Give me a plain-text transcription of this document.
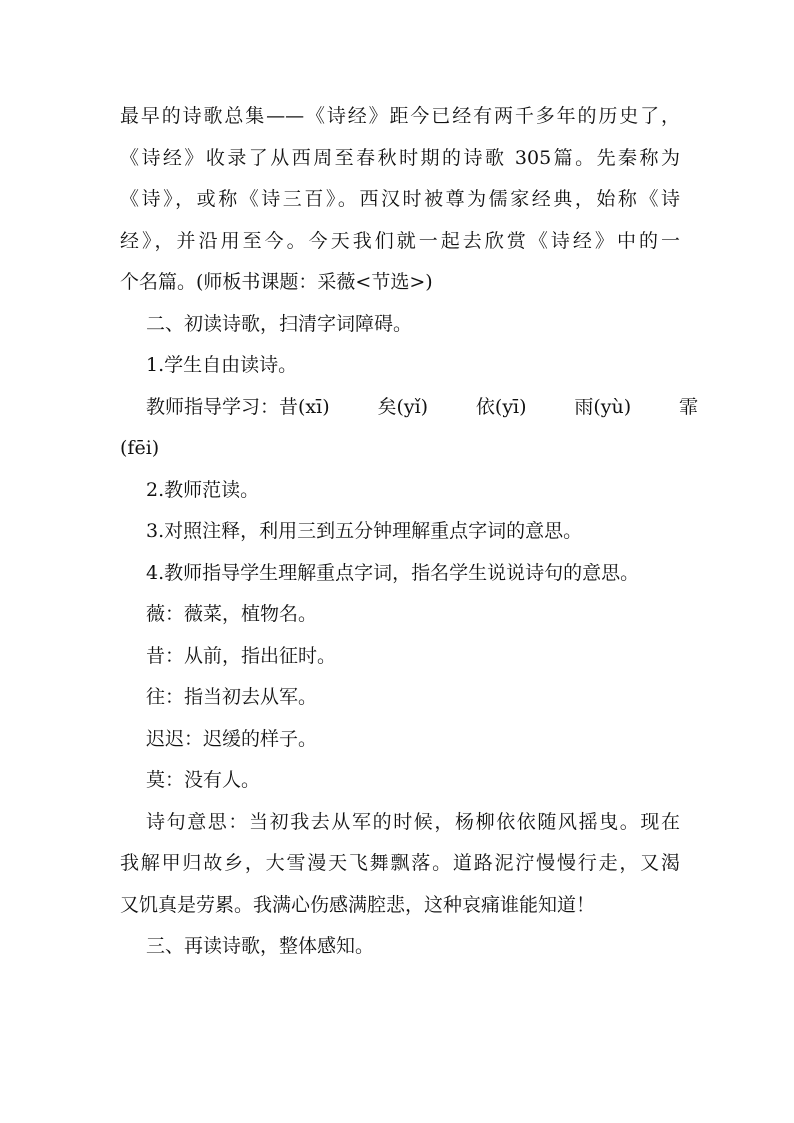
最早的诗歌总集——《诗经》距今已经有两千多年的历史了，
《诗经》收录了从西周至春秋时期的诗歌 305篇。先秦称为
《诗》，或称《诗三百》。西汉时被尊为儒家经典，始称《诗
经》，并沿用至今。今天我们就一起去欣赏《诗经》中的一
个名篇。(师板书课题：采薇<节选>)
二、初读诗歌，扫清字词障碍。
1.学生自由读诗。
教师指导学习：昔(xī)	矣(yǐ)	依(yī)	雨(yù)	霏
(fēi)
2.教师范读。
3.对照注释，利用三到五分钟理解重点字词的意思。
4.教师指导学生理解重点字词，指名学生说说诗句的意思。
薇：薇菜，植物名。
昔：从前，指出征时。
往：指当初去从军。
迟迟：迟缓的样子。
莫：没有人。
诗句意思：当初我去从军的时候，杨柳依依随风摇曳。现在
我解甲归故乡，大雪漫天飞舞飘落。道路泥泞慢慢行走，又渴
又饥真是劳累。我满心伤感满腔悲，这种哀痛谁能知道！
三、再读诗歌，整体感知。
